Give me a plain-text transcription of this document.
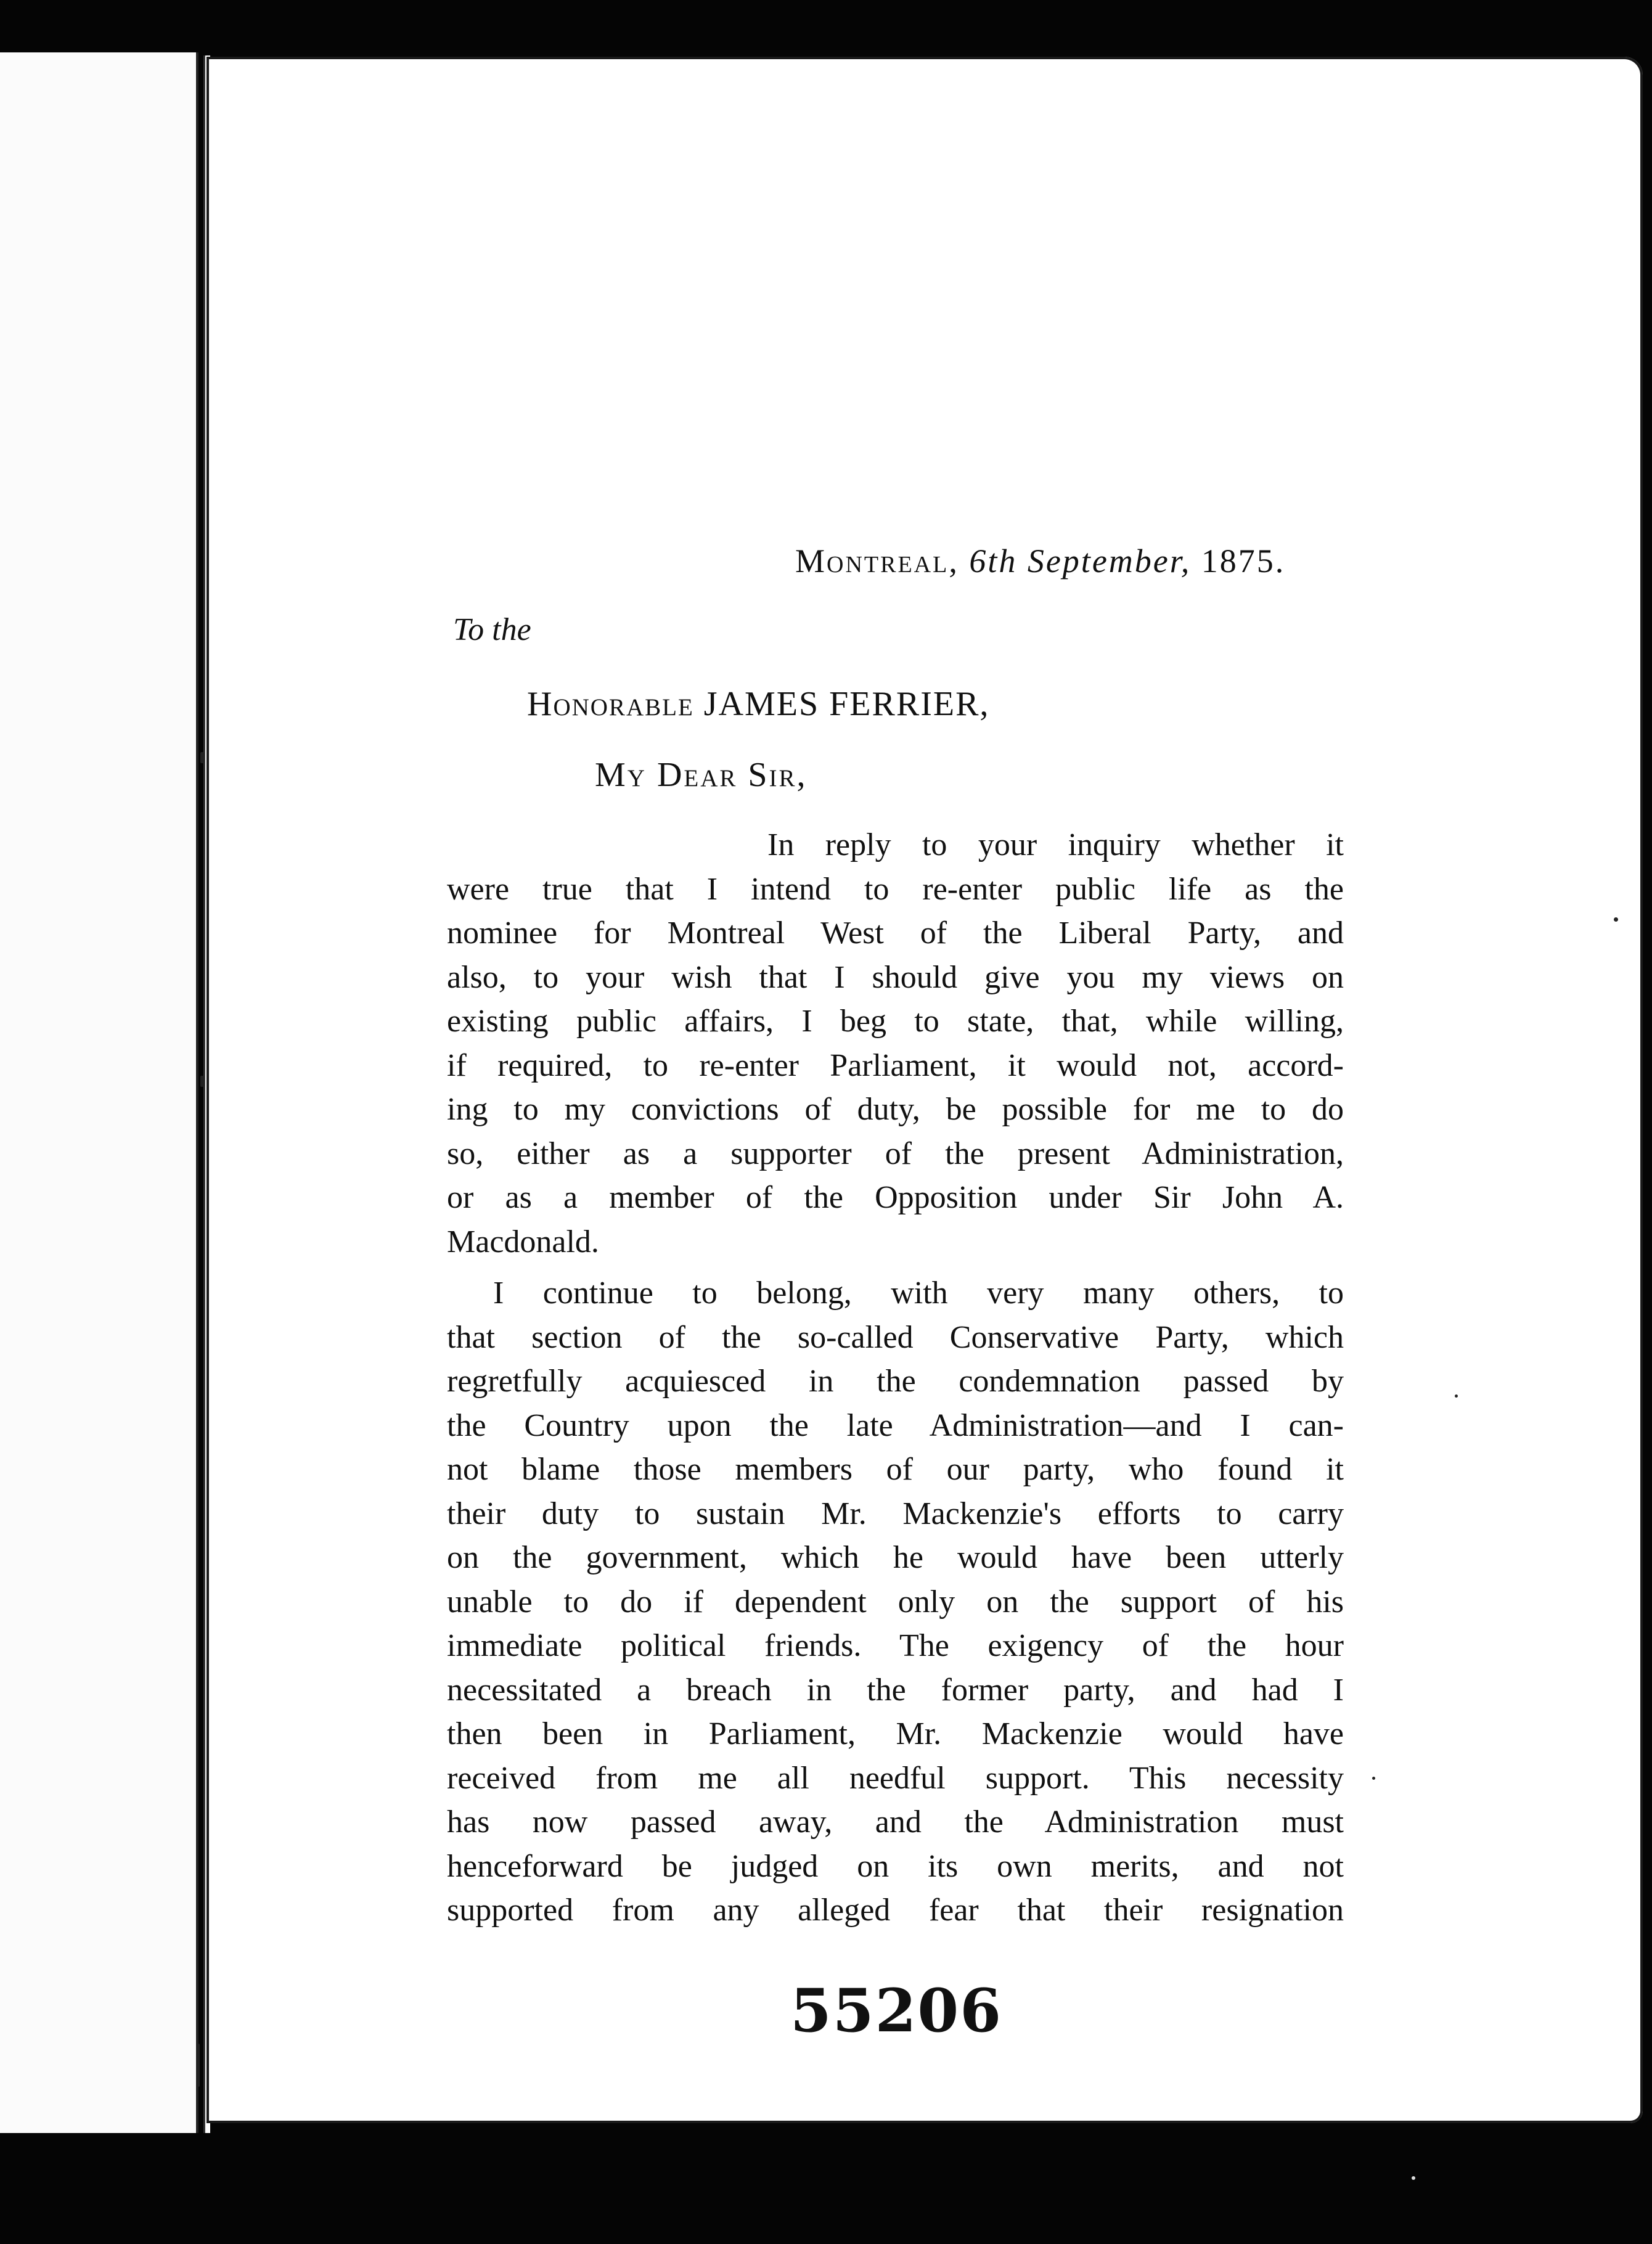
Montreal, 6th September, 1875.
To the
Honorable JAMES FERRIER,
My Dear Sir,
In reply to your inquiry whether it
were true that I intend to re-enter public life as the
nominee for Montreal West of the Liberal Party, and
also, to your wish that I should give you my views on
existing public affairs, I beg to state, that, while willing,
if required, to re-enter Parliament, it would not, accord-
ing to my convictions of duty, be possible for me to do
so, either as a supporter of the present Administration,
or as a member of the Opposition under Sir John A.
Macdonald.
I continue to belong, with very many others, to
that section of the so-called Conservative Party, which
regretfully acquiesced in the condemnation passed by
the Country upon the late Administration—and I can-
not blame those members of our party, who found it
their duty to sustain Mr. Mackenzie's efforts to carry
on the government, which he would have been utterly
unable to do if dependent only on the support of his
immediate political friends. The exigency of the hour
necessitated a breach in the former party, and had I
then been in Parliament, Mr. Mackenzie would have
received from me all needful support. This necessity
has now passed away, and the Administration must
henceforward be judged on its own merits, and not
supported from any alleged fear that their resignation
55206
